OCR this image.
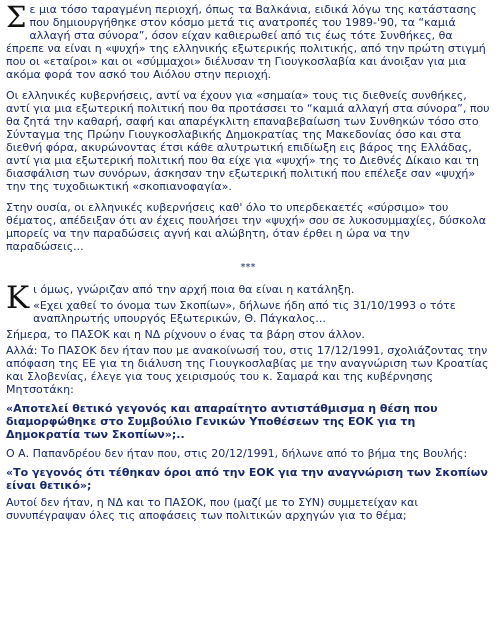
Σε μια τόσο ταραγμένη περιοχή, όπως τα Βαλκάνια, ειδικά λόγω της κατάστασης που δημιουργήθηκε στον κόσμο μετά τις ανατροπές του 1989-'90, τα “καμιά αλλαγή στα σύνορα”, όσον είχαν καθιερωθεί από τις έως τότε Συνθήκες, θα έπρεπε να είναι η «ψυχή» της ελληνικής εξωτερικής πολιτικής, από την πρώτη στιγμή που οι «εταίροι» και οι «σύμμαχοι» διέλυσαν τη Γιουγκοσλαβία και άνοιξαν για μια ακόμα φορά τον ασκό του Αιόλου στην περιοχή.

Οι ελληνικές κυβερνήσεις, αντί να έχουν για «σημαία» τους τις διεθνείς συνθήκες, αντί για μια εξωτερική πολιτική που θα προτάσσει το “καμιά αλλαγή στα σύνορα”, που θα ζητά την καθαρή, σαφή και απαρέγκλιτη επαναβεβαίωση των Συνθηκών τόσο στο Σύνταγμα της Πρώην Γιουγκοσλαβικής Δημοκρατίας της Μακεδονίας όσο και στα διεθνή φόρα, ακυρώνοντας έτσι κάθε αλυτρωτική επιδίωξη εις βάρος της Ελλάδας, αντί για μια εξωτερική πολιτική που θα είχε για «ψυχή» της το Διεθνές Δίκαιο και τη διασφάλιση των συνόρων, άσκησαν την εξωτερική πολιτική που επέλεξε σαν «ψυχή» την της τυχοδιωκτική «σκοπιανοφαγία».

Στην ουσία, οι ελληνικές κυβερνήσεις καθ' όλο το υπερδεκαετές «σύρσιμο» του θέματος, απέδειξαν ότι αν έχεις πουλήσει την «ψυχή» σου σε λυκοσυμμαχίες, δύσκολα μπορείς να την παραδώσεις αγνή και αλώβητη, όταν έρθει η ώρα να την παραδώσεις...

***

Κι όμως, γνώριζαν από την αρχή ποια θα είναι η κατάληξη.

«Εχει χαθεί το όνομα των Σκοπίων», δήλωνε ήδη από τις 31/10/1993 ο τότε αναπληρωτής υπουργός Εξωτερικών, Θ. Πάγκαλος...

Σήμερα, το ΠΑΣΟΚ και η ΝΔ ρίχνουν ο ένας τα βάρη στον άλλον.

Αλλά: Το ΠΑΣΟΚ δεν ήταν που με ανακοίνωσή του, στις 17/12/1991, σχολιάζοντας την απόφαση της ΕΕ για τη διάλυση της Γιουγκοσλαβίας με την αναγνώριση των Κροατίας και Σλοβενίας, έλεγε για τους χειρισμούς του κ. Σαμαρά και της κυβέρνησης Μητσοτάκη:

«Αποτελεί θετικό γεγονός και απαραίτητο αντιστάθμισμα η θέση που διαμορφώθηκε στο Συμβούλιο Γενικών Υποθέσεων της ΕΟΚ για τη Δημοκρατία των Σκοπίων»;..

Ο Α. Παπανδρέου δεν ήταν που, στις 20/12/1991, δήλωνε από το βήμα της Βουλής:

«Το γεγονός ότι τέθηκαν όροι από την ΕΟΚ για την αναγνώριση των Σκοπίων είναι θετικό»;

Αυτοί δεν ήταν, η ΝΔ και το ΠΑΣΟΚ, που (μαζί με το ΣΥΝ) συμμετείχαν και συνυπέγραψαν όλες τις αποφάσεις των πολιτικών αρχηγών για το θέμα;
